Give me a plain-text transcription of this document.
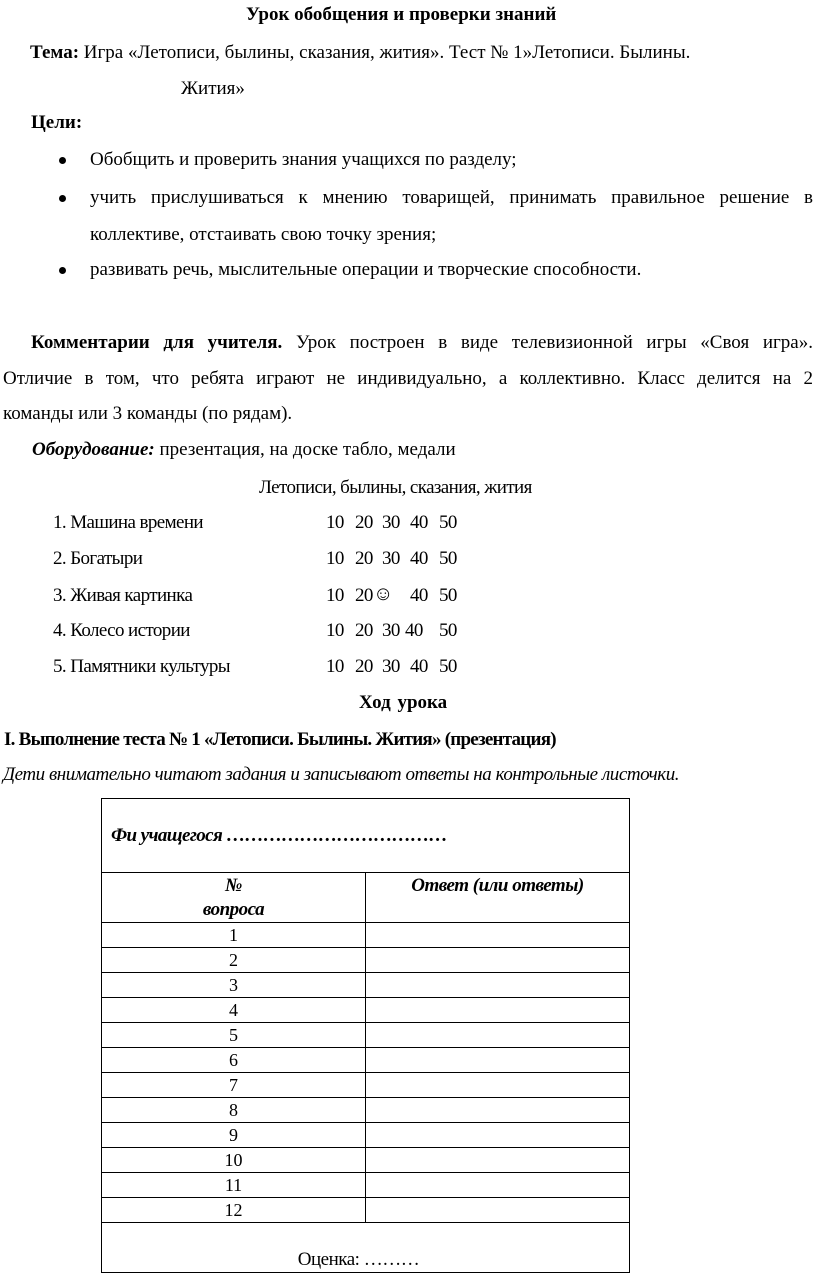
Урок обобщения и проверки знаний
Тема: Игра «Летописи, былины, сказания, жития». Тест № 1»Летописи. Былины.
Жития»
Цели:
Обобщить и проверить знания учащихся по разделу;
учить прислушиваться к мнению товарищей, принимать правильное решение в
коллективе, отстаивать свою точку зрения;
развивать речь, мыслительные операции и творческие способности.
Комментарии для учителя. Урок построен в виде телевизионной игры «Своя игра».
Отличие в том, что ребята играют не индивидуально, а коллективно. Класс делится на 2
команды или 3 команды (по рядам).
Оборудование: презентация, на доске табло, медали
Летописи, былины, сказания, жития
1. Машина времени	10 20 30 40 50
2. Богатыри	10 20 30 40 50
3. Живая картинка	10 20 ☺ 40 50
4. Колесо истории	10 20 30 40 50
5. Памятники культуры	10 20 30 40 50
Ход урока
I. Выполнение теста № 1 «Летописи. Былины. Жития» (презентация)
Дети внимательно читают задания и записывают ответы на контрольные листочки.
Фи учащегося ………………………………	

№
вопроса	Ответ (или ответы)
1	
2	
3	
4	
5	
6	
7	
8	
9	
10	
11	
12	
Оценка: ………	
